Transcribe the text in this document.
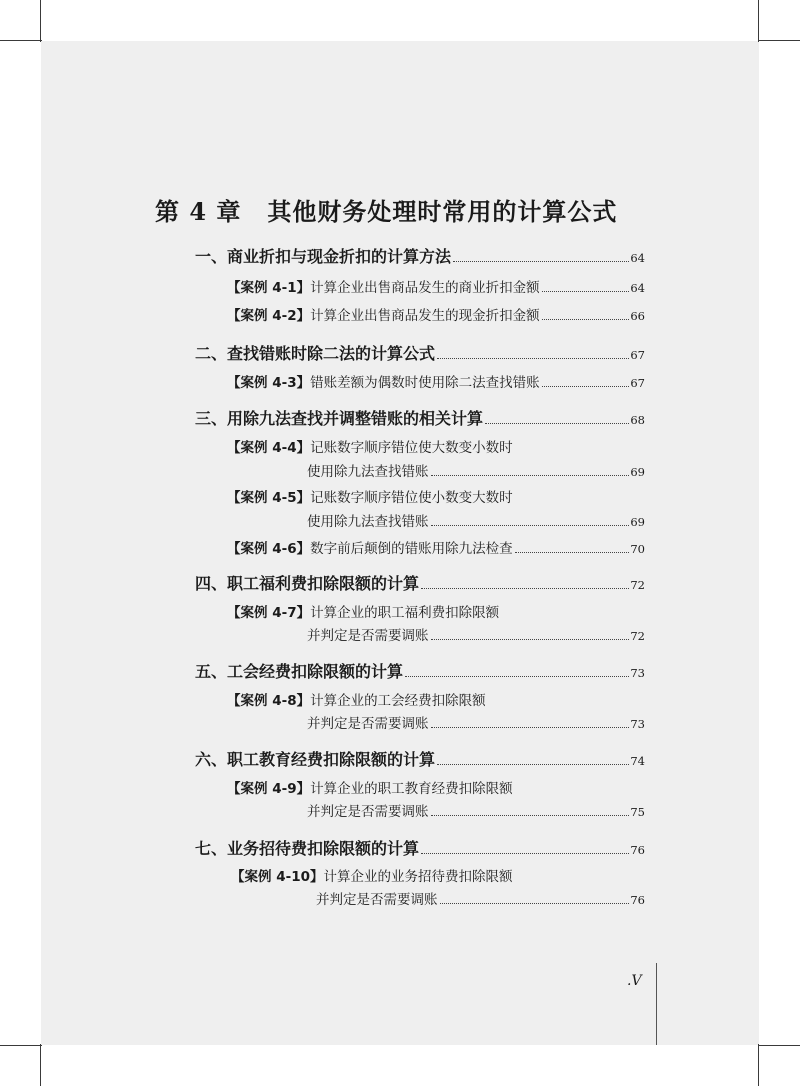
第 4 章 其他财务处理时常用的计算公式
一、商业折扣与现金折扣的计算方法	64
【案例 4-1】 计算企业出售商品发生的商业折扣金额	64
【案例 4-2】 计算企业出售商品发生的现金折扣金额	66
二、查找错账时除二法的计算公式	67
【案例 4-3】 错账差额为偶数时使用除二法查找错账	67
三、用除九法查找并调整错账的相关计算	68
【案例 4-4】 记账数字顺序错位使大数变小数时
使用除九法查找错账	69
【案例 4-5】 记账数字顺序错位使小数变大数时
使用除九法查找错账	69
【案例 4-6】 数字前后颠倒的错账用除九法检查	70
四、职工福利费扣除限额的计算	72
【案例 4-7】 计算企业的职工福利费扣除限额
并判定是否需要调账	72
五、工会经费扣除限额的计算	73
【案例 4-8】 计算企业的工会经费扣除限额
并判定是否需要调账	73
六、职工教育经费扣除限额的计算	74
【案例 4-9】 计算企业的职工教育经费扣除限额
并判定是否需要调账	75
七、业务招待费扣除限额的计算	76
【案例 4-10】 计算企业的业务招待费扣除限额
并判定是否需要调账	76
.V
